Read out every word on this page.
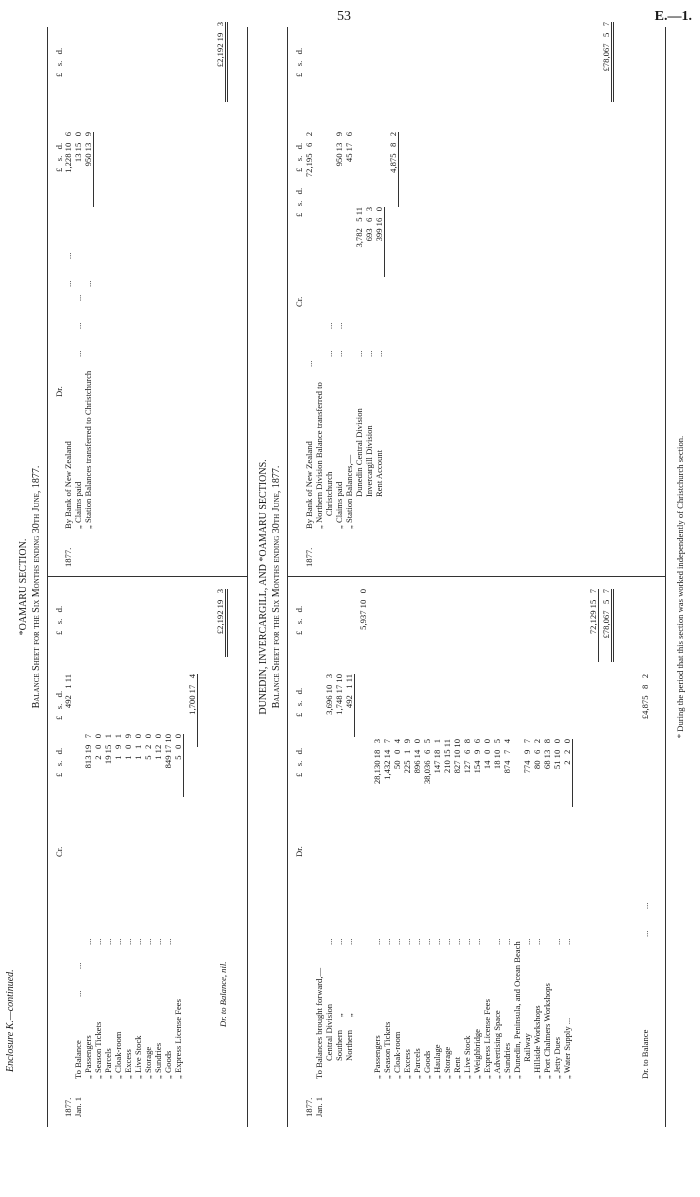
53	E.—1.
Enclosure K.—continued.
*OAMARU SECTION. Balance Sheet for the Six Months ending 30th June, 1877.
Cr.
£   s.   d.
£   s.   d.
£   s.   d.
1877. Jan. 1
To Balance
...          ...
492   1 11
„ Passengers
...
813 19   7
„ Season Tickets
...
2   0   0
„ Parcels
...
19 15   1
„ Cloak-room
...
1   9   1
„ Excess
...
1   0   9
„ Live Stock
...
1   1   0
„ Storage
...
5   2   0
„ Sundries
...
1 12   0
„ Goods
...
849 17 10
„ Express License Fees
5   0   0
1,700 17   4
£2,192 19   3
Dr. to Balance, nil.
Dr.
£   s.   d.
£   s.   d.
1877.
By Bank of New Zealand
...          ...
1,228 10   6
„ Claims paid
...          ...          ...
13 15   0
„ Station Balances transferred to Christchurch
...
950 13   9
£2,192 19   3
DUNEDIN, INVERCARGILL, AND *OAMARU SECTIONS. Balance Sheet for the Six Months ending 30th June, 1877.
Dr.
£   s.   d.
£   s.   d.
£   s.   d.
1877. Jan. 1
To Balances brought forward,— Central Division
...
3,696 10   3
Southern      „
...
1,748 17 10
Northern      „
...
492   1 11
5,937 10   0
„ Passengers
...
28,130 18   3
„ Season Tickets
...
1,432 14   7
„ Cloak-room
...
50   0   4
„ Excess
...
225   1   9
„ Parcels
...
896 14   0
„ Goods
...
38,036   6   5
„ Haulage
...
147 18   1
„ Storage
...
210 15 11
„ Rent
...
827 10 10
„ Live Stock
...
127   6   8
„ Weighbridge
...
154   9   6
„ Express License Fees
14   0   0
„ Advertising Space
...
18 10   5
„ Sundries
...
874   7   4
„ Dunedin, Peninsula, and Ocean Beach Railway
...
774   9   7
„ Hillside Workshops
...
80   6   2
„ Port Chalmers Workshops
68 13   8
„ Jetty Dues
...
51 10   0
„ Water Supply ...
...
2   2   0
72,129 15   7 £78,067   5   7
Dr. to Balance
...          ...
£4,875   8   2
Cr.
£   s.   d.
£   s.   d.
£   s.   d.
1877.
By Bank of New Zealand
...
72,195   6   2
„ Northern Division Balance transferred to Christchurch
...          ...
950 13   9
„ Claims paid
...          ...
45 17   6
„ Station Balances,— Dunedin Central Division
...
3,782   5 11
Invercargill Division
...
693   6   3
Rent Account
...
399 16   0
4,875   8   2
£78,067   5   7
* During the period that this section was worked independently of Christchurch section.
